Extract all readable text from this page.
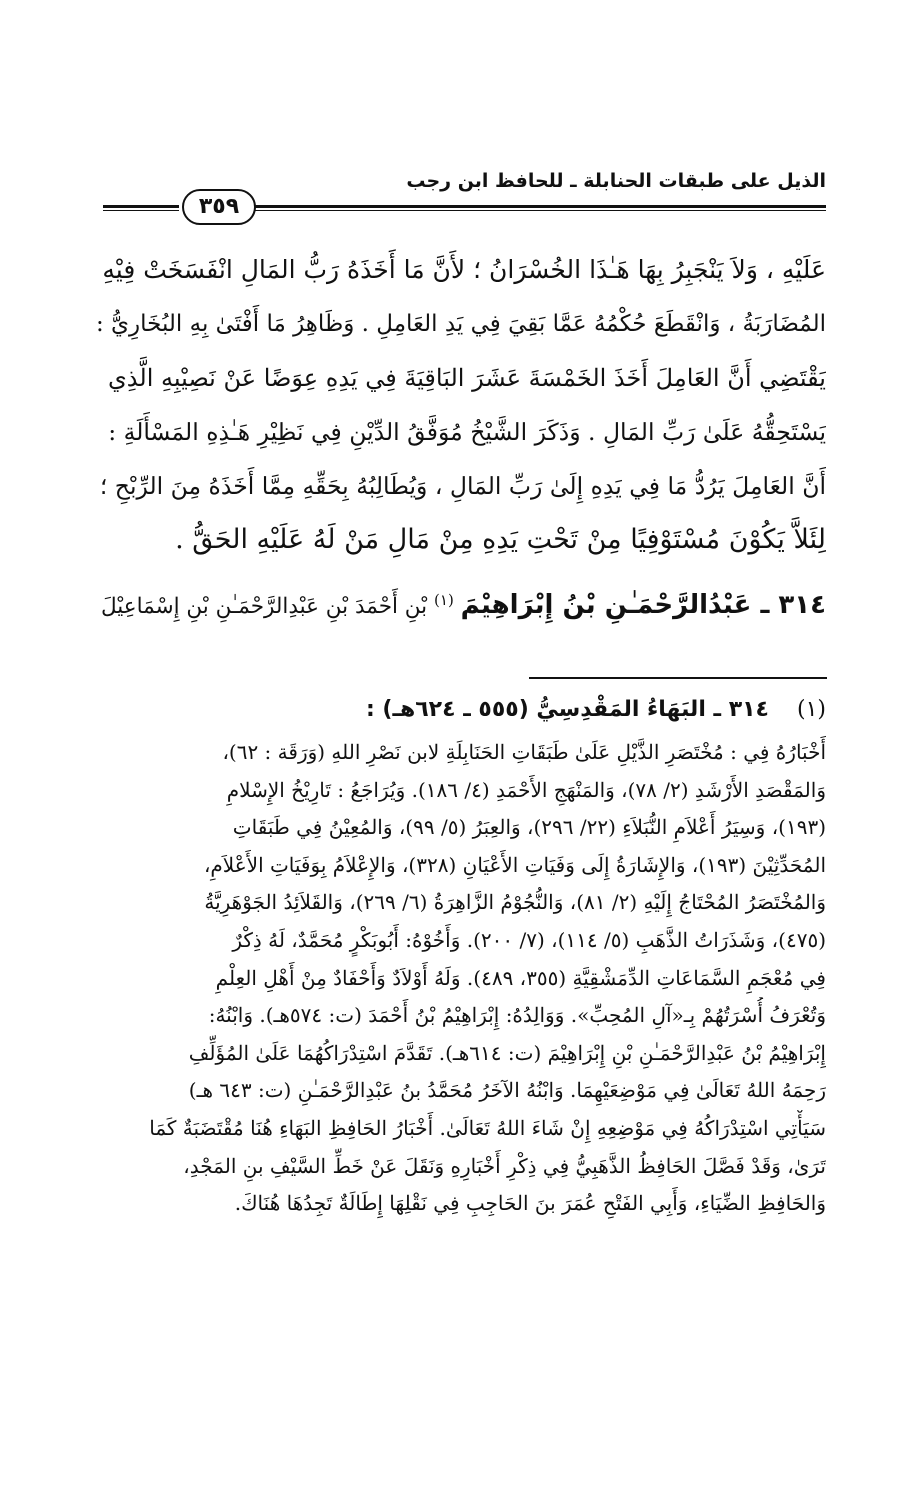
الذيل على طبقات الحنابلة ـ للحافظ ابن رجب
٣٥٩
عَلَيْهِ ، وَلاَ يَنْجَبِرُ بِهَا هَـٰذَا الخُسْرَانُ ؛ لأَنَّ مَا أَخَذَهُ رَبُّ المَالِ انْفَسَخَتْ فِيْهِ
المُضَارَبَةُ ، وَانْقَطَعَ حُكْمُهُ عَمَّا بَقِيَ فِي يَدِ العَامِلِ . وَظَاهِرُ مَا أَفْتَىٰ بِهِ البُخَارِيُّ :
يَقْتَضِي أَنَّ العَامِلَ أَخَذَ الخَمْسَةَ عَشَرَ البَاقِيَةَ فِي يَدِهِ عِوَضًا عَنْ نَصِيْبِهِ الَّذِي
يَسْتَحِقُّهُ عَلَىٰ رَبِّ المَالِ . وَذَكَرَ الشَّيْخُ مُوَفَّقُ الدِّيْنِ فِي نَظِيْرِ هَـٰذِهِ المَسْأَلَةِ :
أَنَّ العَامِلَ يَرُدُّ مَا فِي يَدِهِ إِلَىٰ رَبِّ المَالِ ، وَيُطَالِبُهُ بِحَقِّهِ مِمَّا أَخَذَهُ مِنَ الرِّبْحِ ؛
لِئَلاَّ يَكُوْنَ مُسْتَوْفِيًا مِنْ تَحْتِ يَدِهِ مِنْ مَالِ مَنْ لَهُ عَلَيْهِ الحَقُّ .
٣١٤ ـ عَبْدُالرَّحْمَـٰنِ بْنُ إِبْرَاهِيْمَ $^{(١)}$ بْنِ أَحْمَدَ بْنِ عَبْدِالرَّحْمَـٰنِ بْنِ إِسْمَاعِيْلَ
(١)    ٣١٤ ـ البَهَاءُ المَقْدِسِيُّ (٥٥٥ ـ ٦٢٤هـ) :
أَخْبَارُهُ فِي : مُخْتَصَرِ الذَّيْلِ عَلَىٰ طَبَقَاتِ الحَنَابِلَةِ لابن نَصْرِ اللهِ (وَرَقَة : ٦٢)،
وَالمَقْصَدِ الأَرْشَدِ (٢/ ٧٨)، وَالمَنْهَجِ الأَحْمَدِ (٤/ ١٨٦). وَيُرَاجَعُ : تَارِيْخُ الإِسْلامِ
(١٩٣)، وَسِيَرُ أَعْلاَمِ النُّبَلاَءِ (٢٢/ ٢٩٦)، وَالعِبَرُ (٥/ ٩٩)، وَالمُعِيْنُ فِي طَبَقَاتِ
المُحَدِّثِيْنَ (١٩٣)، وَالإِشَارَةُ إِلَى وَفَيَاتِ الأَعْيَانِ (٣٢٨)، وَالإِعْلاَمُ بِوَفَيَاتِ الأَعْلاَمِ،
وَالمُخْتَصَرُ المُحْتَاجُ إِلَيْهِ (٢/ ٨١)، وَالنُّجُوْمُ الزَّاهِرَةُ (٦/ ٢٦٩)، وَالقَلاَئِدُ الجَوْهَرِيَّةُ
(٤٧٥)، وَشَذَرَاتُ الذَّهَبِ (٥/ ١١٤)، (٧/ ٢٠٠). وَأَخُوْهُ: أَبُوبَكْرٍ مُحَمَّدٌ، لَهُ ذِكْرٌ
فِي مُعْجَمِ السَّمَاعَاتِ الدِّمَشْقِيَّةِ (٣٥٥، ٤٨٩). وَلَهُ أَوْلاَدٌ وَأَحْفَادٌ مِنْ أَهْلِ العِلْمِ
وَتُعْرَفُ أُسْرَتُهُمْ بِـ«آلِ المُحِبِّ». وَوَالِدُهُ: إِبْرَاهِيْمُ بْنُ أَحْمَدَ (ت: ٥٧٤هـ). وَابْنُهُ:
إِبْرَاهِيْمُ بْنُ عَبْدِالرَّحْمَـٰنِ بْنِ إِبْرَاهِيْمَ (ت: ٦١٤هـ). تَقَدَّمَ اسْتِدْرَاكُهُمَا عَلَىٰ المُؤَلِّفِ
رَحِمَهُ اللهُ تَعَالَىٰ فِي مَوْضِعَيْهِمَا. وَابْنُهُ الآخَرُ مُحَمَّدُ بنُ عَبْدِالرَّحْمَـٰنِ (ت: ٦٤٣ هـ)
سَيَأْتِي اسْتِدْرَاكُهُ فِي مَوْضِعِهِ إِنْ شَاءَ اللهُ تَعَالَىٰ. أَخْبَارُ الحَافِظِ البَهَاءِ هُنَا مُقْتَضَبَةٌ كَمَا
تَرَىٰ، وَقَدْ فَصَّلَ الحَافِظُ الذَّهَبِيُّ فِي ذِكْرِ أَخْبَارِهِ وَنَقَلَ عَنْ خَطِّ السَّيْفِ بنِ المَجْدِ،
وَالحَافِظِ الضِّيَاءِ، وَأَبِي الفَتْحِ عُمَرَ بنَ الحَاجِبِ فِي نَقْلِهَا إِطَالَةٌ تَجِدُهَا هُنَاكَ.
